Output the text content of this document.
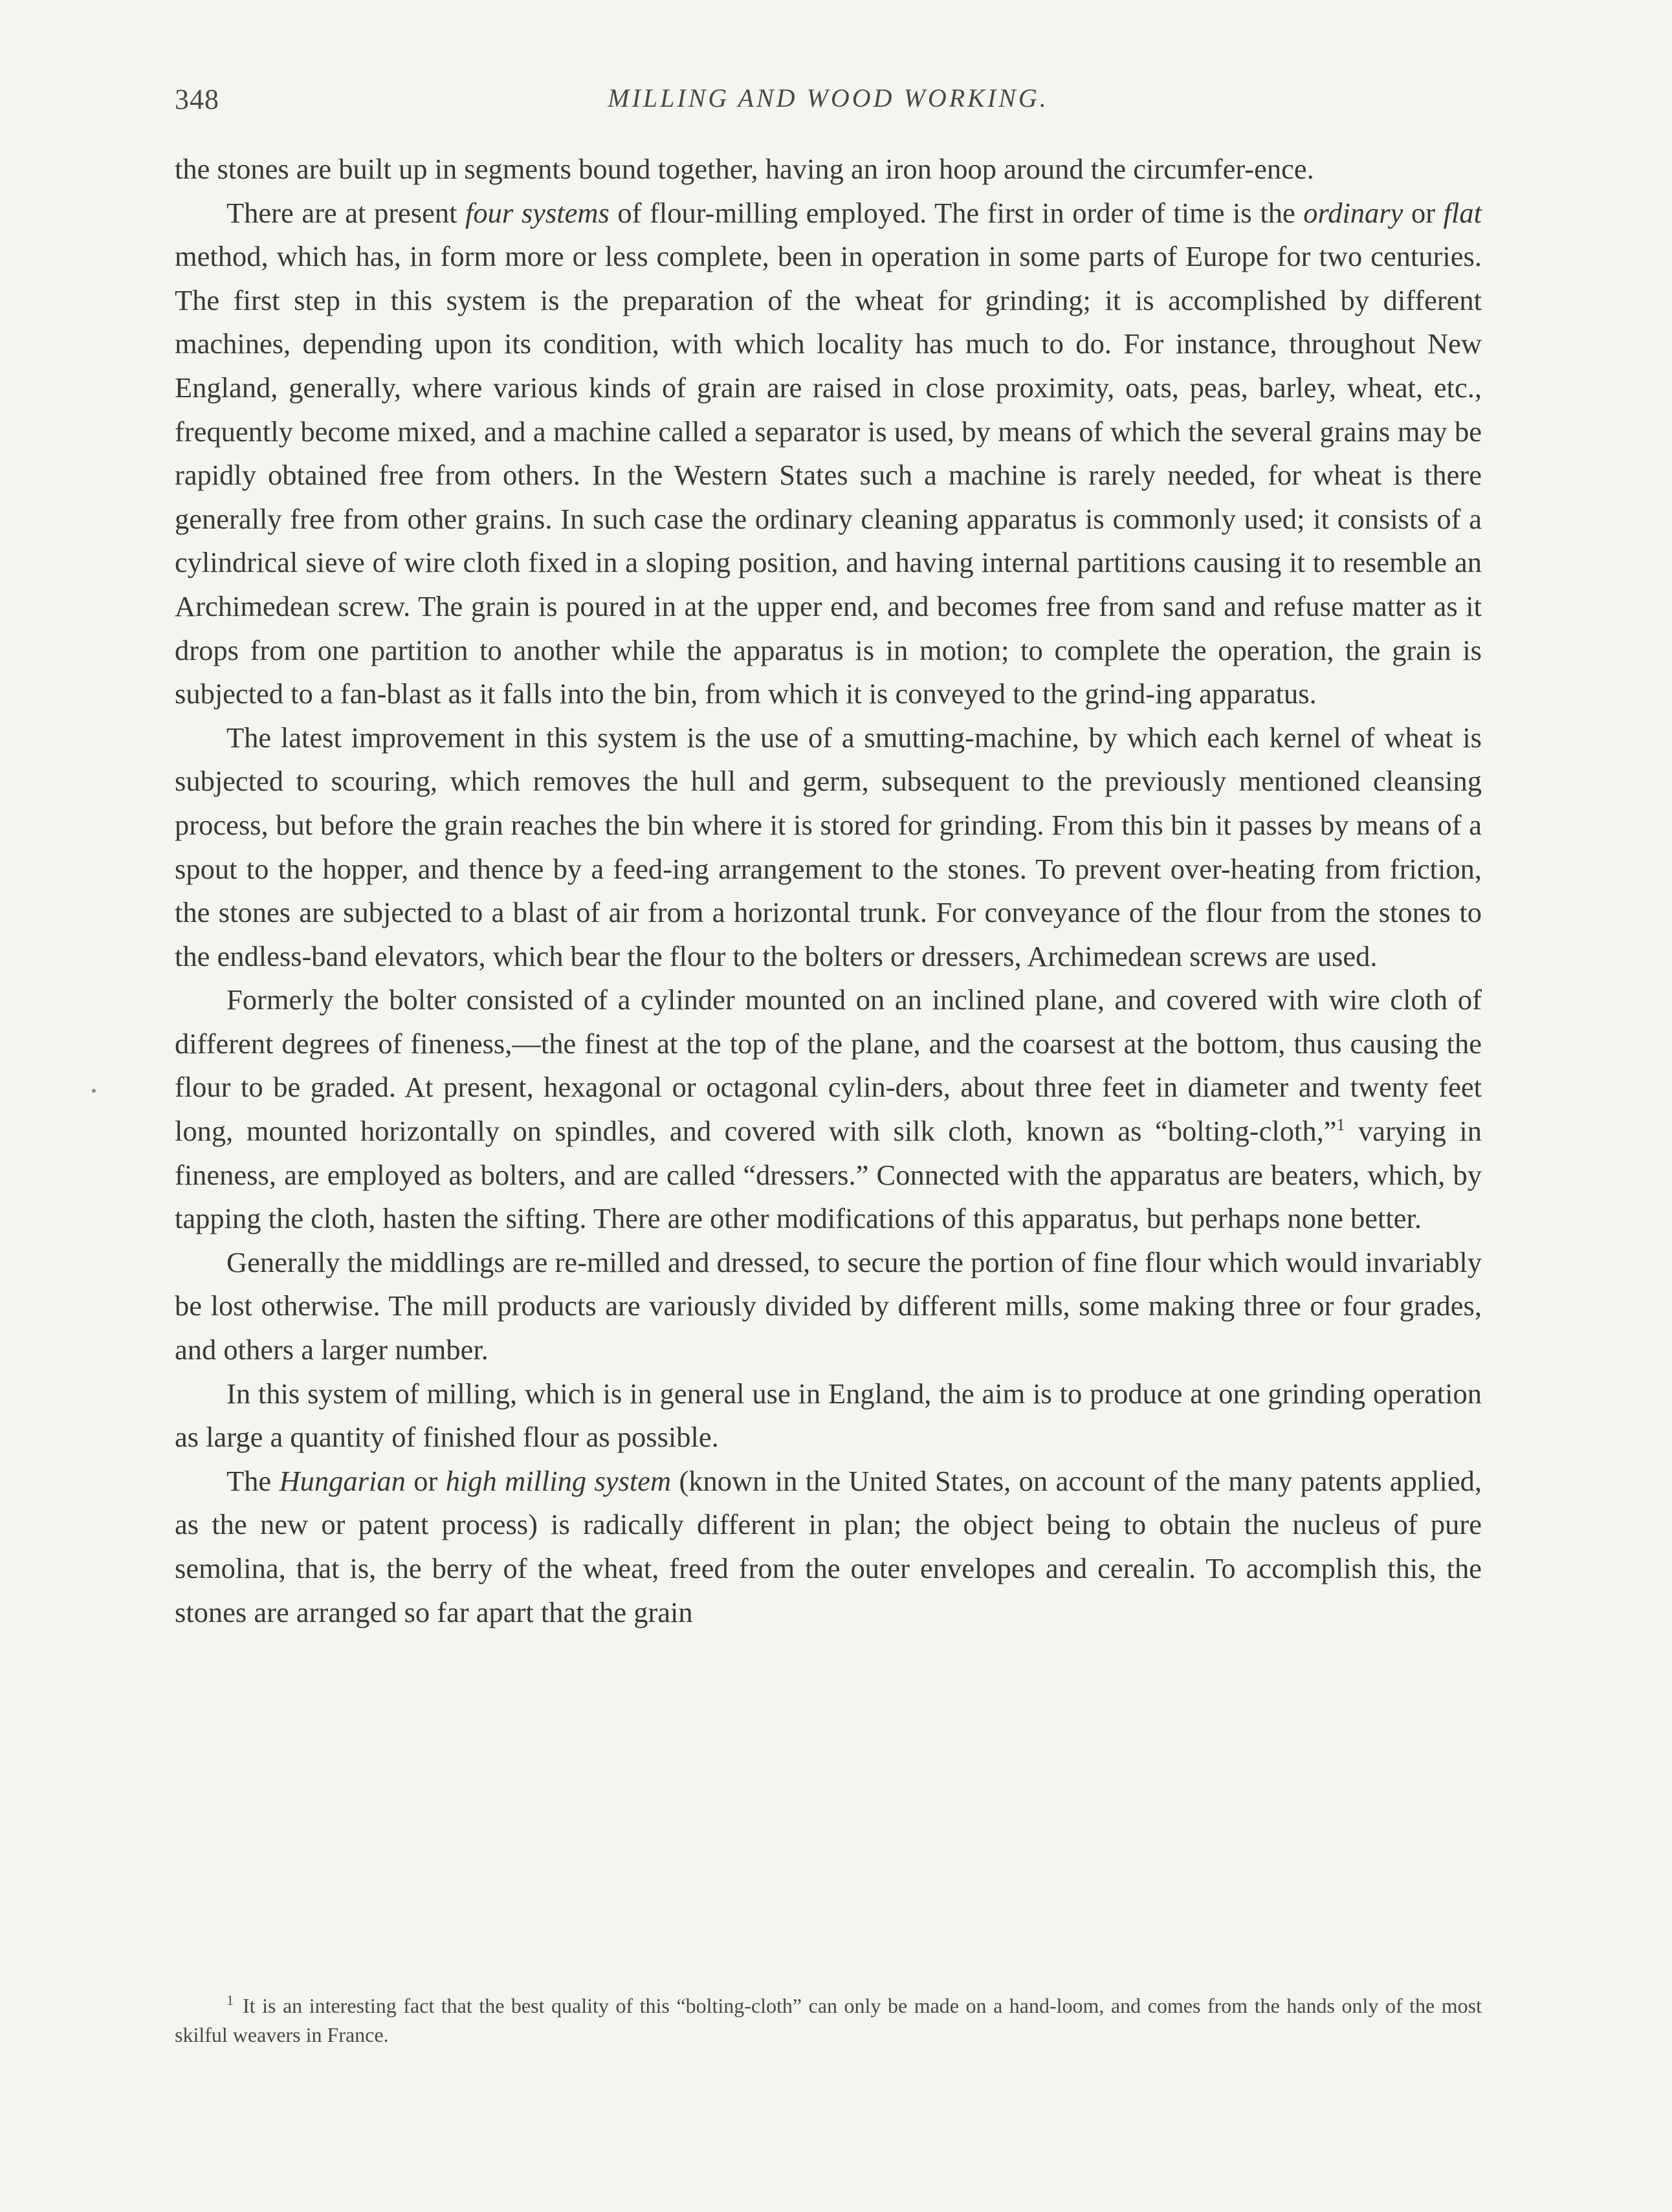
348	MILLING AND WOOD WORKING.

the stones are built up in segments bound together, having an iron hoop around the circumfer-ence.

There are at present four systems of flour-milling employed. The first in order of time is the ordinary or flat method, which has, in form more or less complete, been in operation in some parts of Europe for two centuries. The first step in this system is the preparation of the wheat for grinding; it is accomplished by different machines, depending upon its condition, with which locality has much to do. For instance, throughout New England, generally, where various kinds of grain are raised in close proximity, oats, peas, barley, wheat, etc., frequently become mixed, and a machine called a separator is used, by means of which the several grains may be rapidly obtained free from others. In the Western States such a machine is rarely needed, for wheat is there generally free from other grains. In such case the ordinary cleaning apparatus is commonly used; it consists of a cylindrical sieve of wire cloth fixed in a sloping position, and having internal partitions causing it to resemble an Archimedean screw. The grain is poured in at the upper end, and becomes free from sand and refuse matter as it drops from one partition to another while the apparatus is in motion; to complete the operation, the grain is subjected to a fan-blast as it falls into the bin, from which it is conveyed to the grind-ing apparatus.

The latest improvement in this system is the use of a smutting-machine, by which each kernel of wheat is subjected to scouring, which removes the hull and germ, subsequent to the previously mentioned cleansing process, but before the grain reaches the bin where it is stored for grinding. From this bin it passes by means of a spout to the hopper, and thence by a feed-ing arrangement to the stones. To prevent over-heating from friction, the stones are subjected to a blast of air from a horizontal trunk. For conveyance of the flour from the stones to the endless-band elevators, which bear the flour to the bolters or dressers, Archimedean screws are used.

Formerly the bolter consisted of a cylinder mounted on an inclined plane, and covered with wire cloth of different degrees of fineness,—the finest at the top of the plane, and the coarsest at the bottom, thus causing the flour to be graded. At present, hexagonal or octagonal cylin-ders, about three feet in diameter and twenty feet long, mounted horizontally on spindles, and covered with silk cloth, known as “bolting-cloth,”$^1$ varying in fineness, are employed as bolters, and are called “dressers.” Connected with the apparatus are beaters, which, by tapping the cloth, hasten the sifting. There are other modifications of this apparatus, but perhaps none better.

Generally the middlings are re-milled and dressed, to secure the portion of fine flour which would invariably be lost otherwise. The mill products are variously divided by different mills, some making three or four grades, and others a larger number.

In this system of milling, which is in general use in England, the aim is to produce at one grinding operation as large a quantity of finished flour as possible.

The Hungarian or high milling system (known in the United States, on account of the many patents applied, as the new or patent process) is radically different in plan; the object being to obtain the nucleus of pure semolina, that is, the berry of the wheat, freed from the outer envelopes and cerealin. To accomplish this, the stones are arranged so far apart that the grain

$^1$ It is an interesting fact that the best quality of this “bolting-cloth” can only be made on a hand-loom, and comes from the hands only of the most skilful weavers in France.
